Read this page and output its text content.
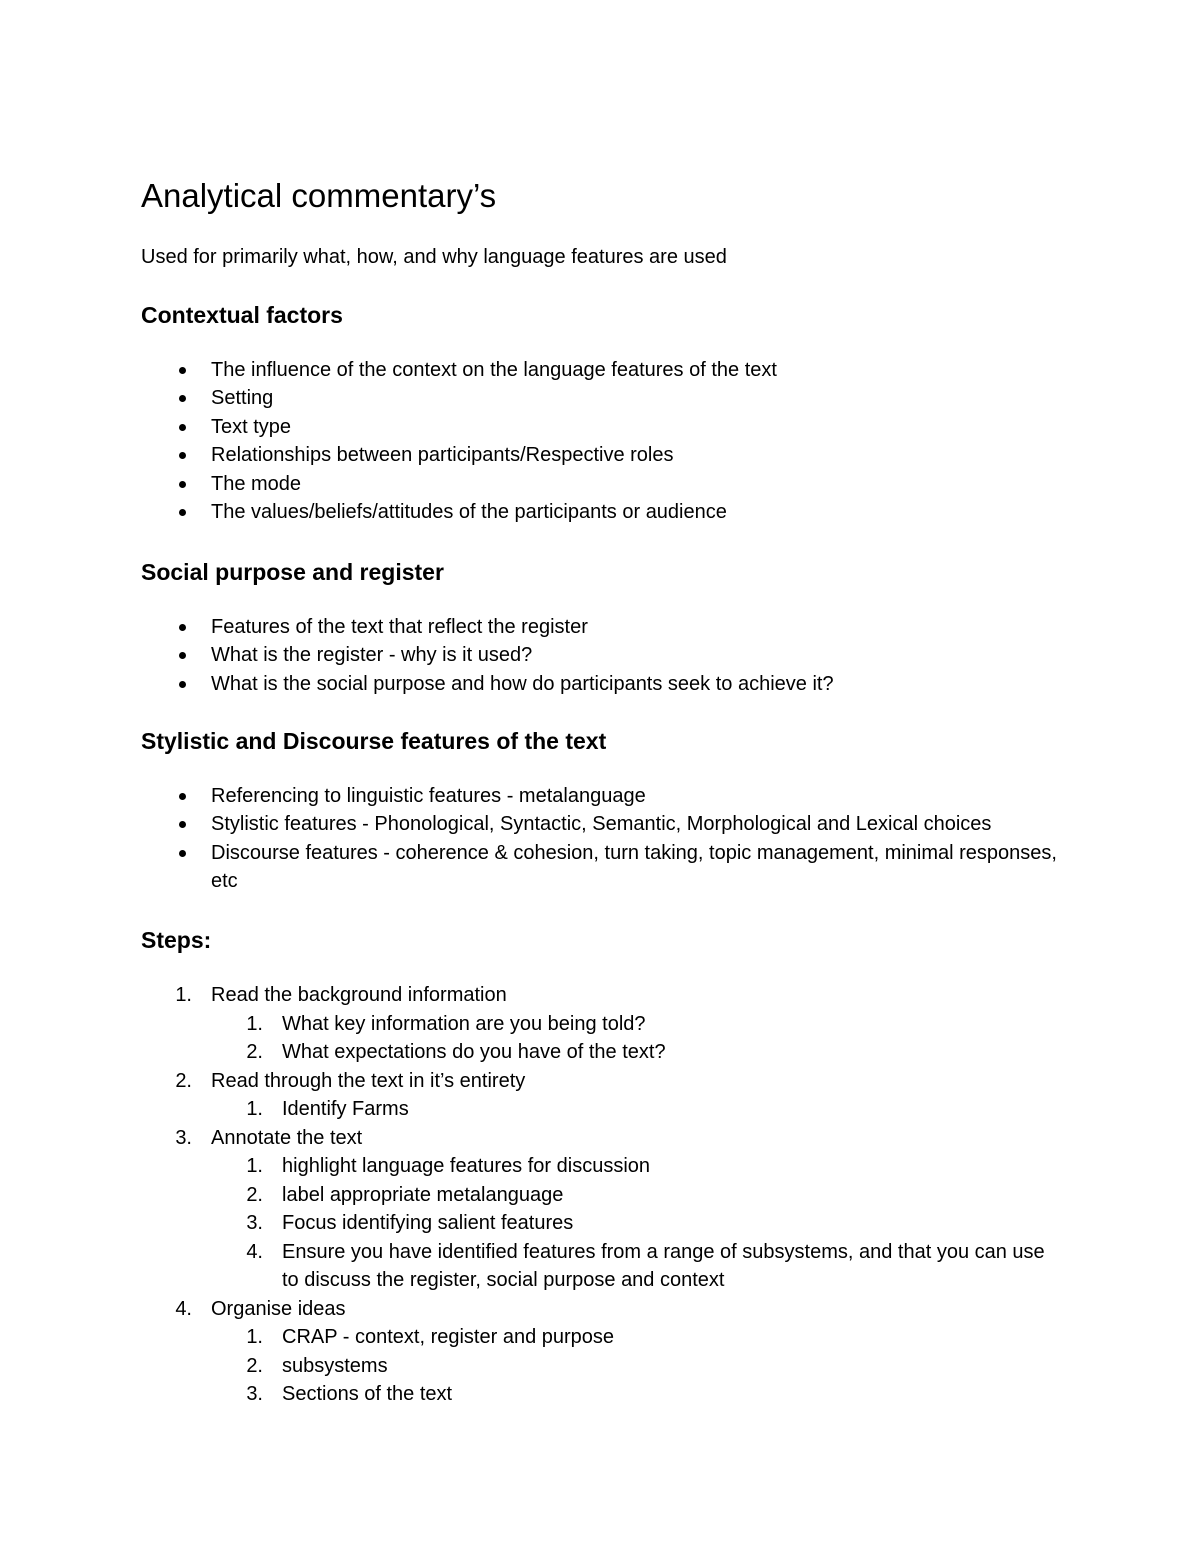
Analytical commentary’s

Used for primarily what, how, and why language features are used

Contextual factors
The influence of the context on the language features of the text
Setting
Text type
Relationships between participants/Respective roles
The mode
The values/beliefs/attitudes of the participants or audience
Social purpose and register
Features of the text that reflect the register
What is the register - why is it used?
What is the social purpose and how do participants seek to achieve it?
Stylistic and Discourse features of the text
Referencing to linguistic features - metalanguage
Stylistic features - Phonological, Syntactic, Semantic, Morphological and Lexical choices
Discourse features - coherence & cohesion, turn taking, topic management, minimal responses, etc
Steps:
1. Read the background information
1. What key information are you being told?
2. What expectations do you have of the text?
2. Read through the text in it’s entirety
1. Identify Farms
3. Annotate the text
1. highlight language features for discussion
2. label appropriate metalanguage
3. Focus identifying salient features
4. Ensure you have identified features from a range of subsystems, and that you can use to discuss the register, social purpose and context
4. Organise ideas
1. CRAP - context, register and purpose
2. subsystems
3. Sections of the text
